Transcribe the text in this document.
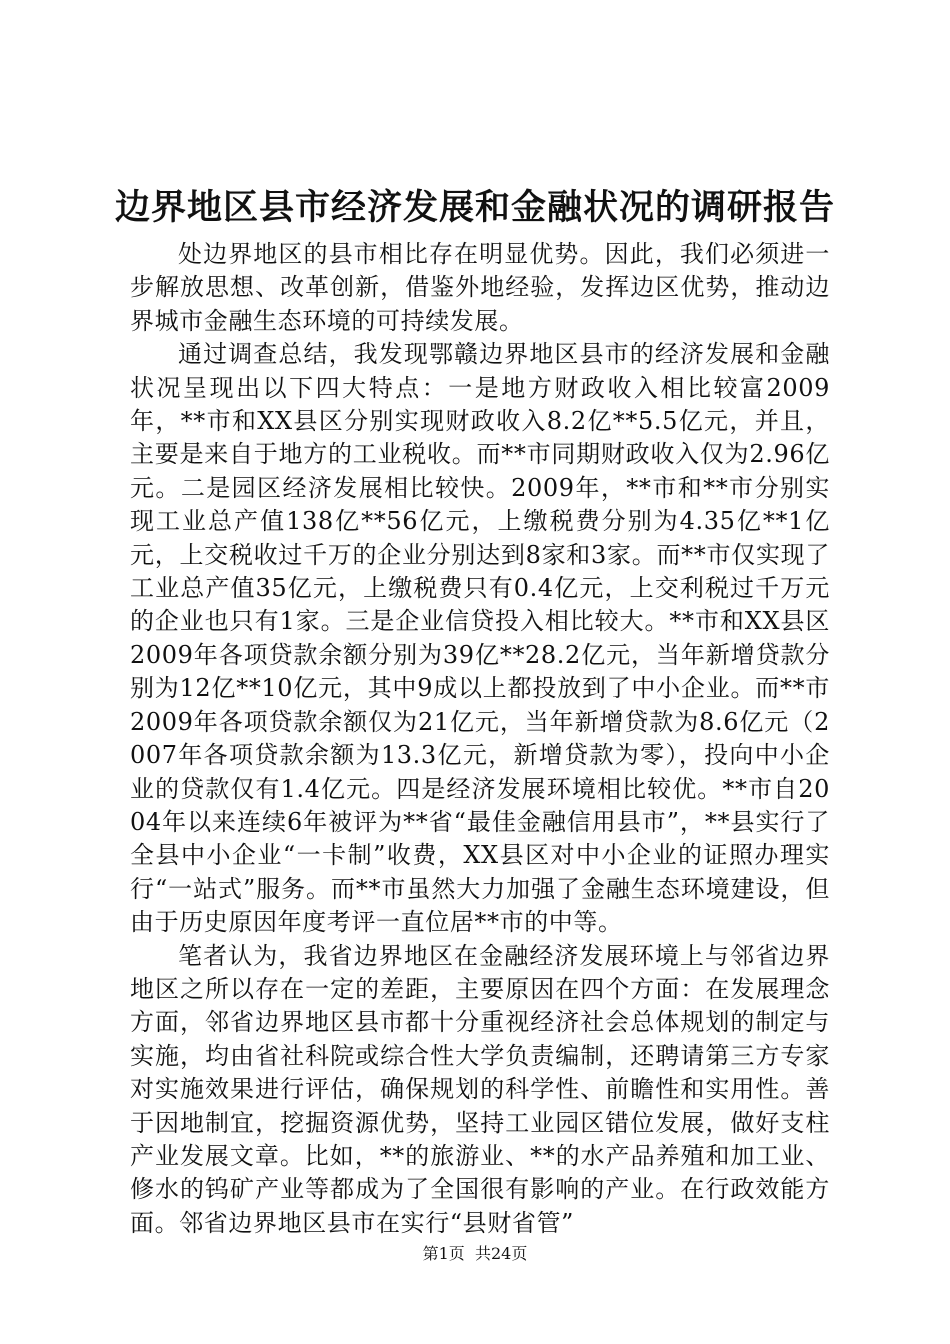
边界地区县市经济发展和金融状况的调研报告

处边界地区的县市相比存在明显优势。因此，我们必须进一步解放思想、改革创新，借鉴外地经验，发挥边区优势，推动边界城市金融生态环境的可持续发展。

通过调查总结，我发现鄂赣边界地区县市的经济发展和金融状况呈现出以下四大特点：一是地方财政收入相比较富2009年，**市和XX县区分别实现财政收入8.2亿**5.5亿元，并且，主要是来自于地方的工业税收。而**市同期财政收入仅为2.96亿元。二是园区经济发展相比较快。2009年，**市和**市分别实现工业总产值138亿**56亿元，上缴税费分别为4.35亿**1亿元，上交税收过千万的企业分别达到8家和3家。而**市仅实现了工业总产值35亿元，上缴税费只有0.4亿元，上交利税过千万元的企业也只有1家。三是企业信贷投入相比较大。**市和XX县区2009年各项贷款余额分别为39亿**28.2亿元，当年新增贷款分别为12亿**10亿元，其中9成以上都投放到了中小企业。而**市2009年各项贷款余额仅为21亿元，当年新增贷款为8.6亿元（2007年各项贷款余额为13.3亿元，新增贷款为零），投向中小企业的贷款仅有1.4亿元。四是经济发展环境相比较优。**市自2004年以来连续6年被评为**省“最佳金融信用县市”，**县实行了全县中小企业“一卡制”收费，XX县区对中小企业的证照办理实行“一站式”服务。而**市虽然大力加强了金融生态环境建设，但由于历史原因年度考评一直位居**市的中等。

笔者认为，我省边界地区在金融经济发展环境上与邻省边界地区之所以存在一定的差距，主要原因在四个方面：在发展理念方面，邻省边界地区县市都十分重视经济社会总体规划的制定与实施，均由省社科院或综合性大学负责编制，还聘请第三方专家对实施效果进行评估，确保规划的科学性、前瞻性和实用性。善于因地制宜，挖掘资源优势，坚持工业园区错位发展，做好支柱产业发展文章。比如，**的旅游业、**的水产品养殖和加工业、修水的钨矿产业等都成为了全国很有影响的产业。在行政效能方面。邻省边界地区县市在实行“县财省管”

第1页 共24页
